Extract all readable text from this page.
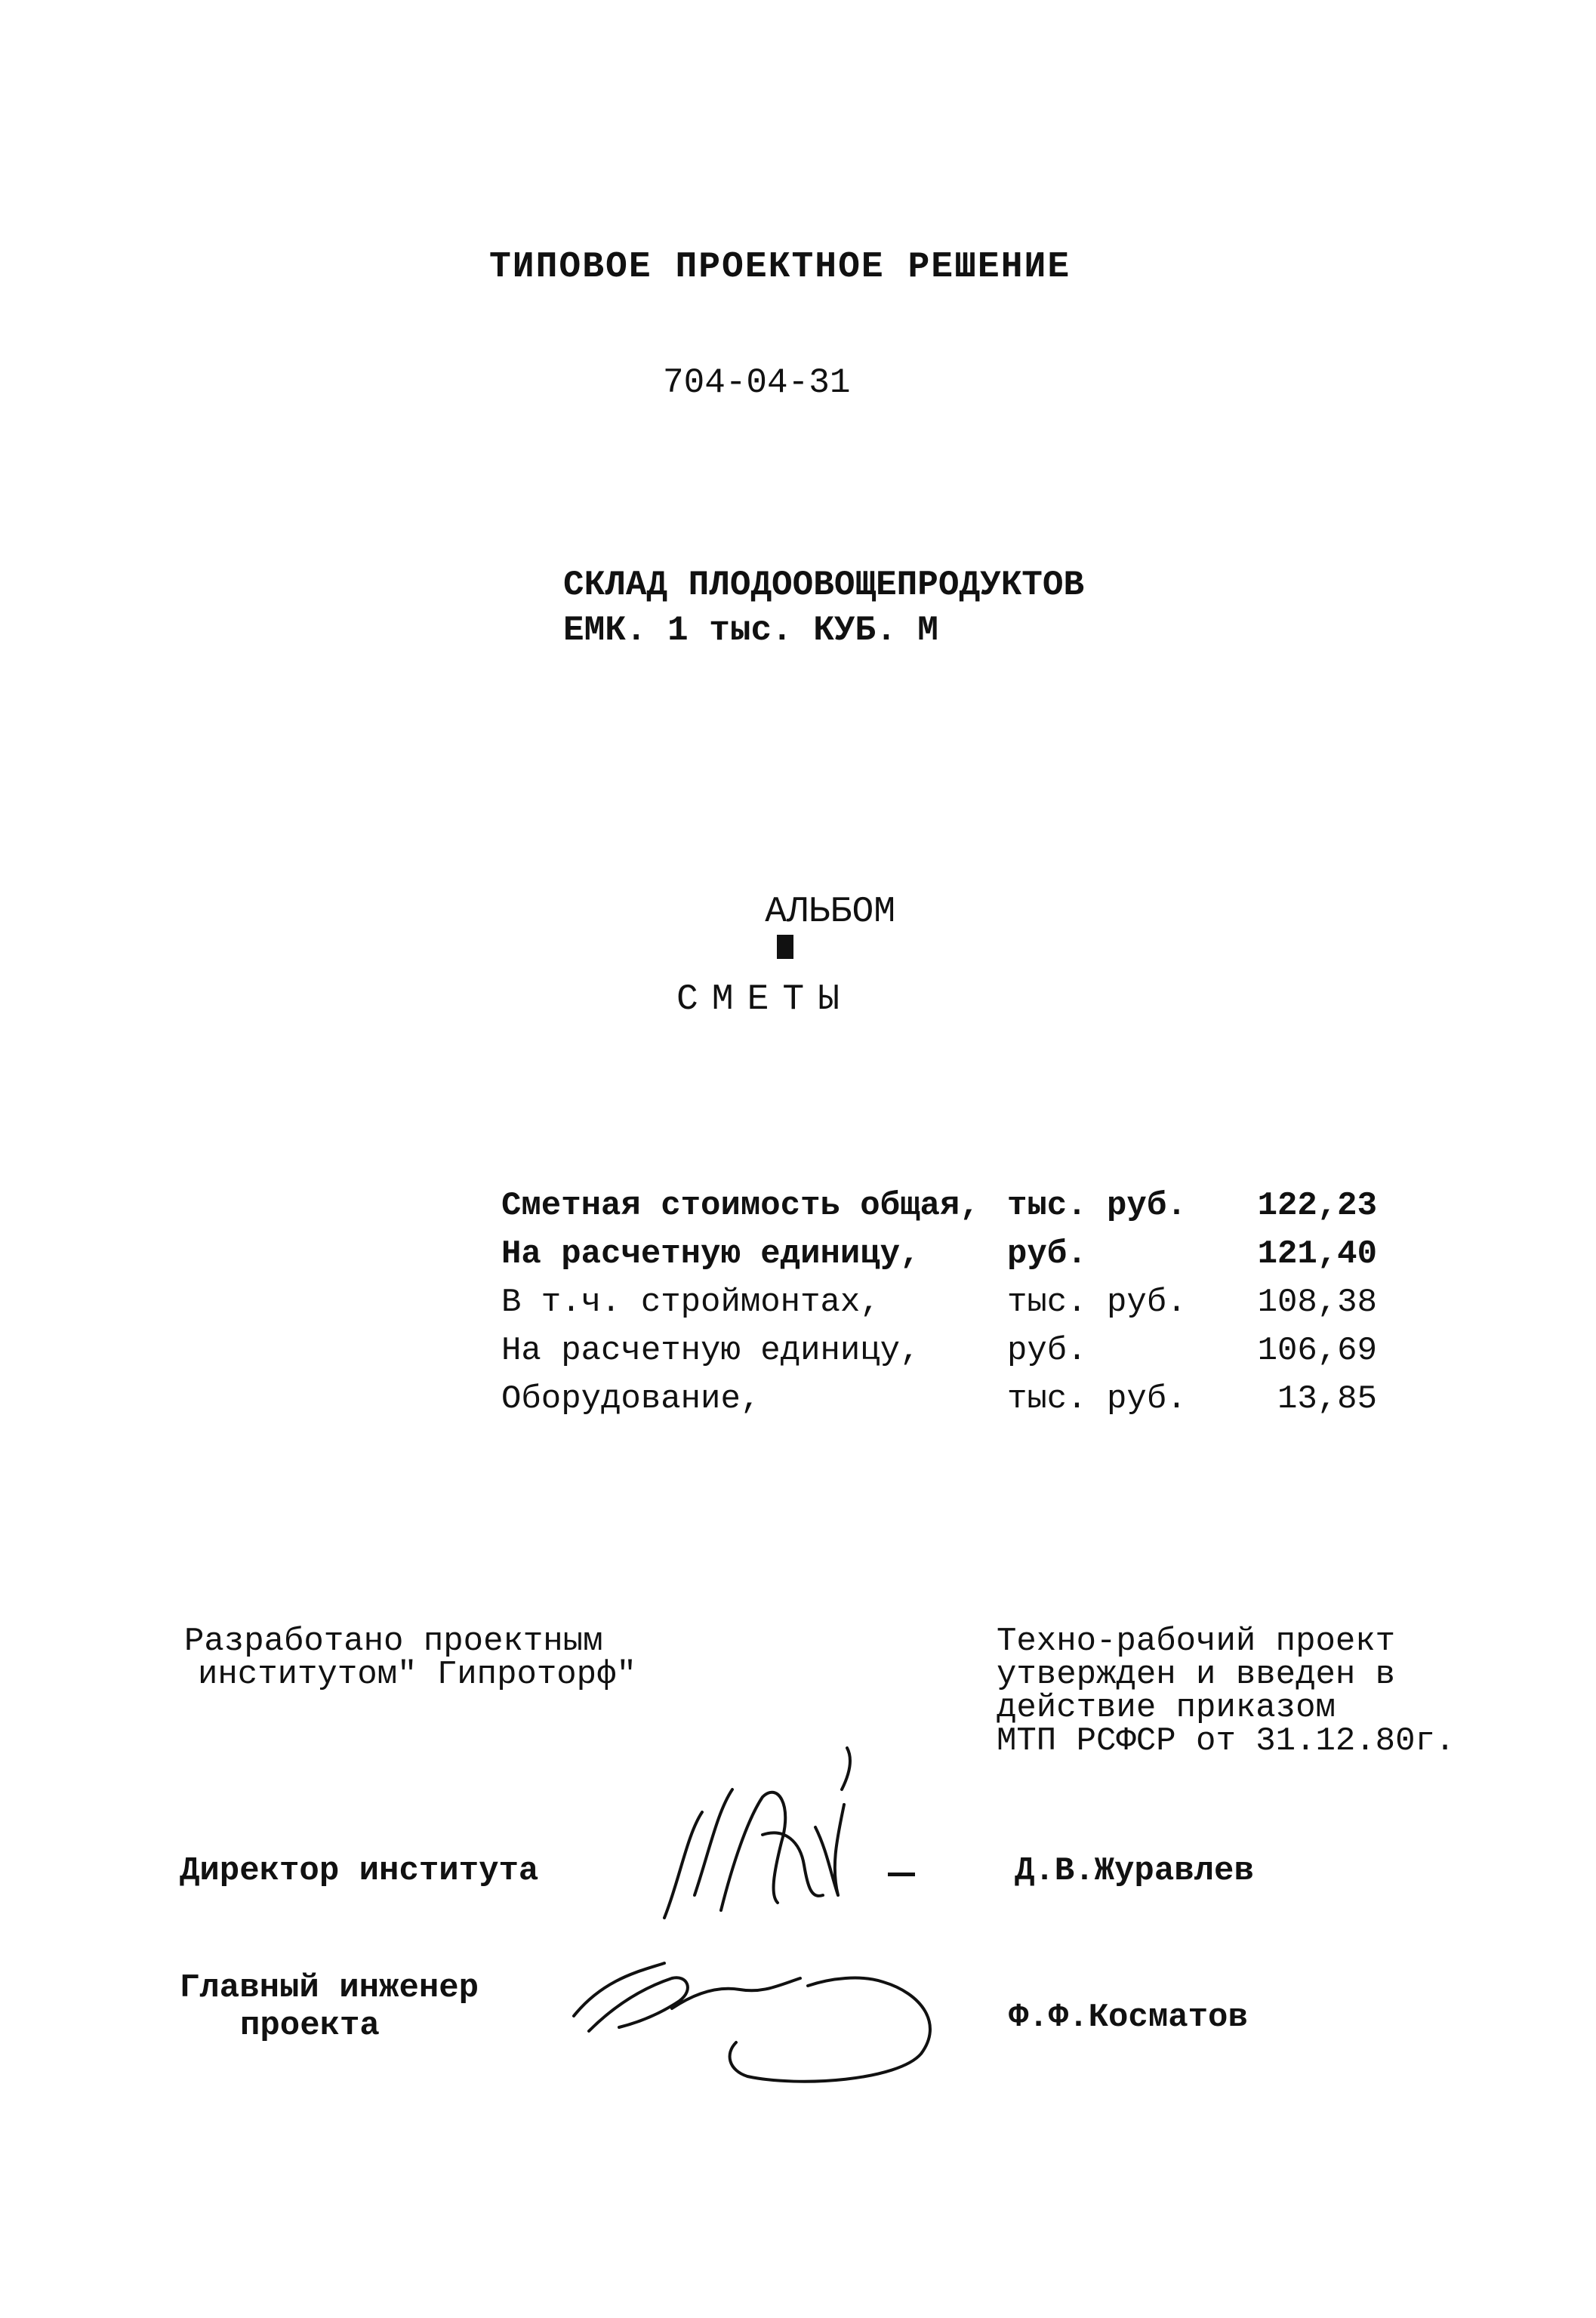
ТИПОВОЕ ПРОЕКТНОЕ РЕШЕНИЕ
704-04-31
СКЛАД ПЛОДООВОЩЕПРОДУКТОВ
ЕМК. 1 тыс. КУБ. М

АЛЬБОМ

СМЕТЫ
Сметная стоимость общая, тыс. руб. 122,23
На расчетную единицу,	руб.	121,40
В т.ч. строймонтах,	тыс. руб. 108,38
На расчетную единицу,	руб.	106,69
Оборудование,	тыс. руб.	13,85
Разработано проектным
институтом" Гипроторф"
Техно-рабочий проект
утвержден и введен в
действие приказом
МТП РСФСР от 31.12.80г.
Директор института	Д.В.Журавлев
Главный инженер
проекта	Ф.Ф.Косматов
